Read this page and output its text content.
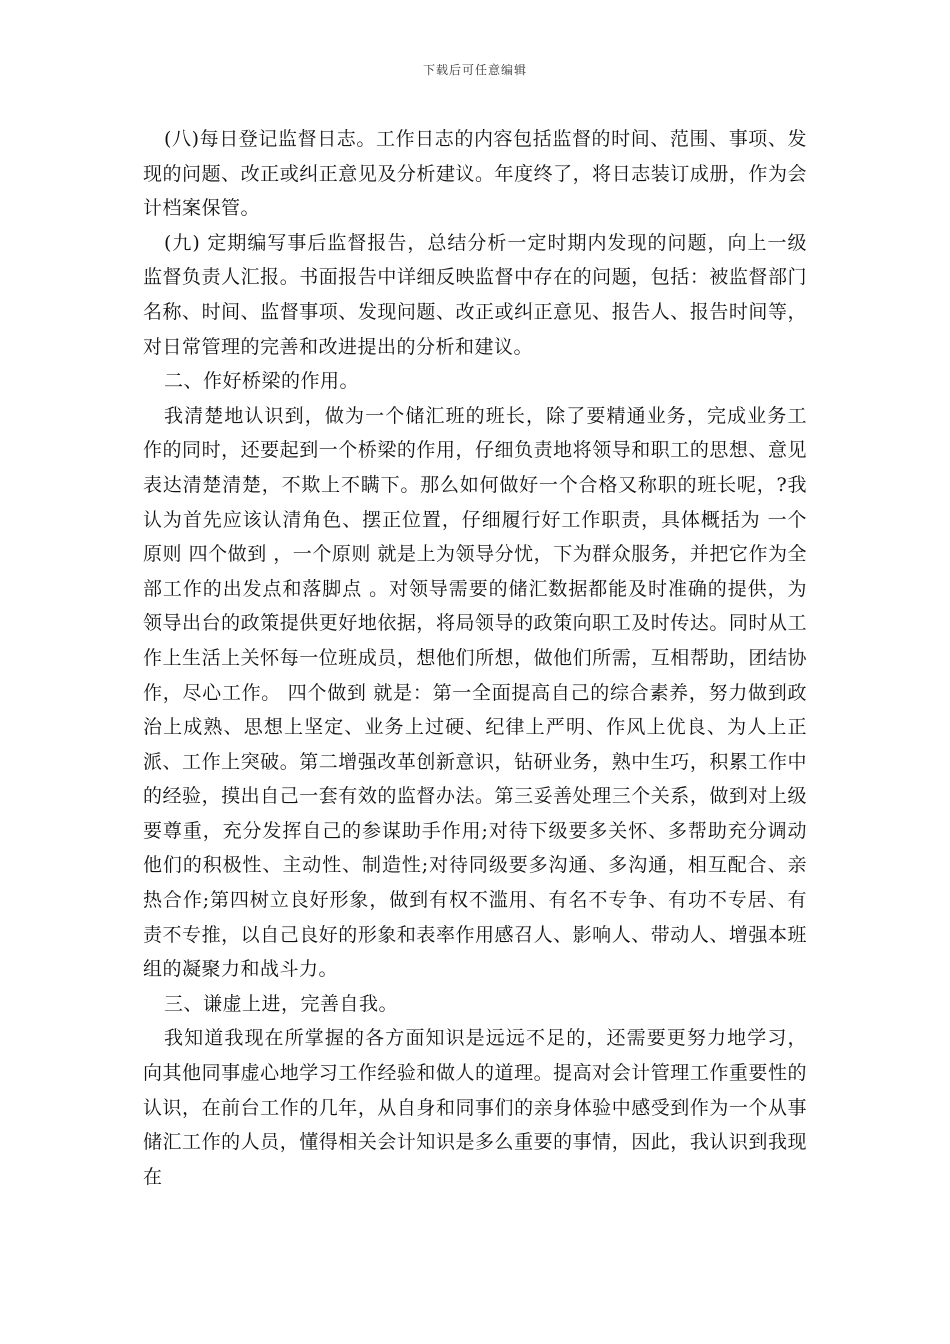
下载后可任意编辑

(八)每日登记监督日志。工作日志的内容包括监督的时间、范围、事项、发现的问题、改正或纠正意见及分析建议。年度终了，将日志装订成册，作为会计档案保管。

(九) 定期编写事后监督报告，总结分析一定时期内发现的问题，向上一级监督负责人汇报。书面报告中详细反映监督中存在的问题，包括：被监督部门名称、时间、监督事项、发现问题、改正或纠正意见、报告人、报告时间等，对日常管理的完善和改进提出的分析和建议。

二、作好桥梁的作用。

我清楚地认识到，做为一个储汇班的班长，除了要精通业务，完成业务工作的同时，还要起到一个桥梁的作用，仔细负责地将领导和职工的思想、意见表达清楚清楚，不欺上不瞒下。那么如何做好一个合格又称职的班长呢，?我认为首先应该认清角色、摆正位置，仔细履行好工作职责，具体概括为 一个原则 四个做到 ，一个原则 就是上为领导分忧，下为群众服务，并把它作为全部工作的出发点和落脚点 。对领导需要的储汇数据都能及时准确的提供，为领导出台的政策提供更好地依据，将局领导的政策向职工及时传达。同时从工作上生活上关怀每一位班成员，想他们所想，做他们所需，互相帮助，团结协作，尽心工作。 四个做到 就是：第一全面提高自己的综合素养，努力做到政治上成熟、思想上坚定、业务上过硬、纪律上严明、作风上优良、为人上正派、工作上突破。第二增强改革创新意识，钻研业务，熟中生巧，积累工作中的经验，摸出自己一套有效的监督办法。第三妥善处理三个关系，做到对上级要尊重，充分发挥自己的参谋助手作用;对待下级要多关怀、多帮助充分调动他们的积极性、主动性、制造性;对待同级要多沟通、多沟通，相互配合、亲热合作;第四树立良好形象，做到有权不滥用、有名不专争、有功不专居、有责不专推，以自己良好的形象和表率作用感召人、影响人、带动人、增强本班组的凝聚力和战斗力。

三、谦虚上进，完善自我。

我知道我现在所掌握的各方面知识是远远不足的，还需要更努力地学习，向其他同事虚心地学习工作经验和做人的道理。提高对会计管理工作重要性的认识，在前台工作的几年，从自身和同事们的亲身体验中感受到作为一个从事储汇工作的人员，懂得相关会计知识是多么重要的事情，因此，我认识到我现在
